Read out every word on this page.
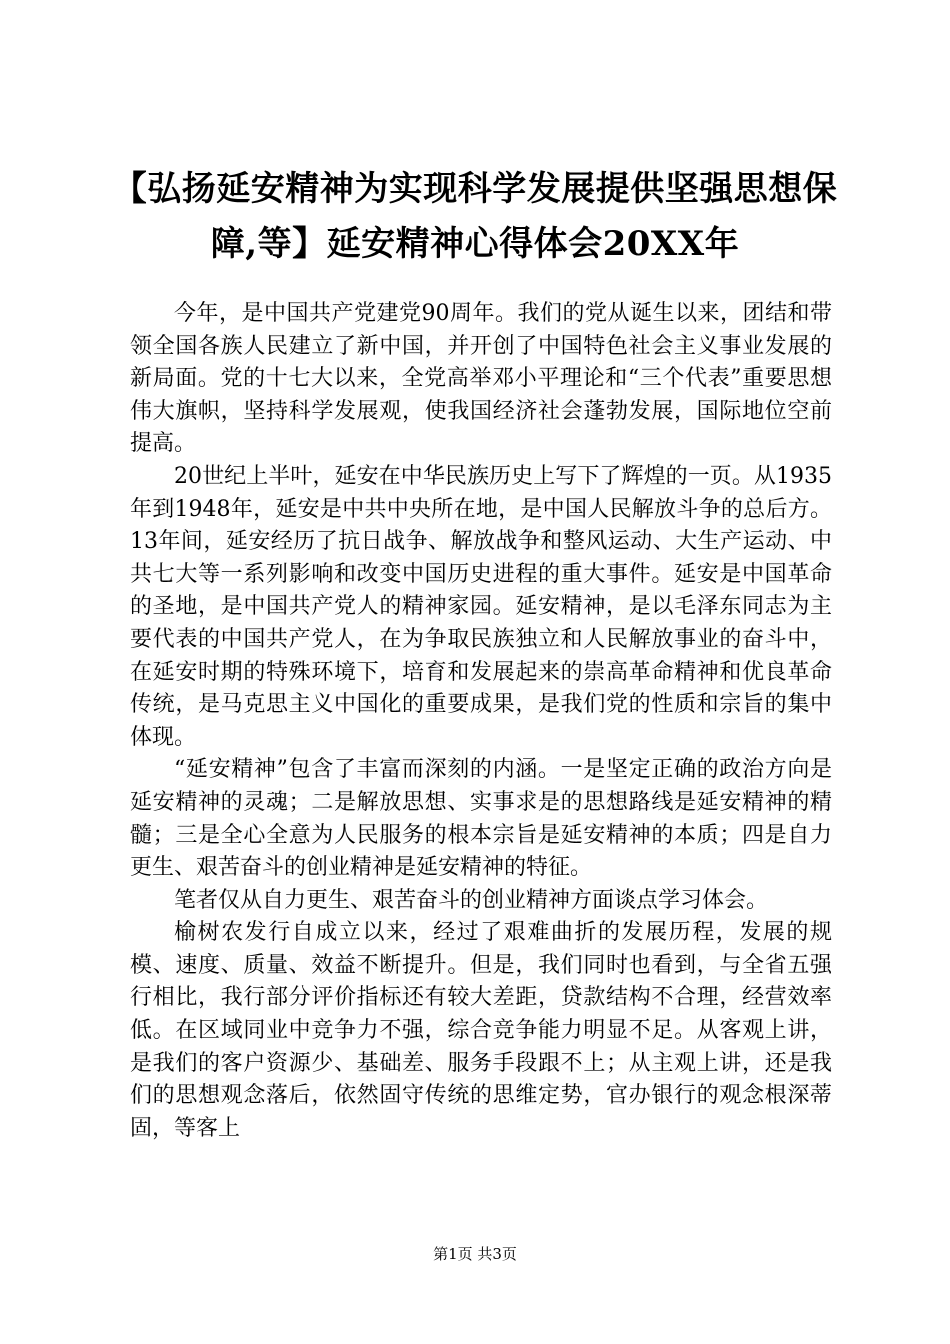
【弘扬延安精神为实现科学发展提供坚强思想保障,等】延安精神心得体会20XX年

今年，是中国共产党建党90周年。我们的党从诞生以来，团结和带领全国各族人民建立了新中国，并开创了中国特色社会主义事业发展的新局面。党的十七大以来，全党高举邓小平理论和“三个代表”重要思想伟大旗帜，坚持科学发展观，使我国经济社会蓬勃发展，国际地位空前提高。

20世纪上半叶，延安在中华民族历史上写下了辉煌的一页。从1935年到1948年，延安是中共中央所在地，是中国人民解放斗争的总后方。13年间，延安经历了抗日战争、解放战争和整风运动、大生产运动、中共七大等一系列影响和改变中国历史进程的重大事件。延安是中国革命的圣地，是中国共产党人的精神家园。延安精神，是以毛泽东同志为主要代表的中国共产党人，在为争取民族独立和人民解放事业的奋斗中，在延安时期的特殊环境下，培育和发展起来的崇高革命精神和优良革命传统，是马克思主义中国化的重要成果，是我们党的性质和宗旨的集中体现。

“延安精神”包含了丰富而深刻的内涵。一是坚定正确的政治方向是延安精神的灵魂；二是解放思想、实事求是的思想路线是延安精神的精髓；三是全心全意为人民服务的根本宗旨是延安精神的本质；四是自力更生、艰苦奋斗的创业精神是延安精神的特征。

笔者仅从自力更生、艰苦奋斗的创业精神方面谈点学习体会。

榆树农发行自成立以来，经过了艰难曲折的发展历程，发展的规模、速度、质量、效益不断提升。但是，我们同时也看到，与全省五强行相比，我行部分评价指标还有较大差距，贷款结构不合理，经营效率低。在区域同业中竞争力不强，综合竞争能力明显不足。从客观上讲，是我们的客户资源少、基础差、服务手段跟不上；从主观上讲，还是我们的思想观念落后，依然固守传统的思维定势，官办银行的观念根深蒂固，等客上

第1页 共3页
